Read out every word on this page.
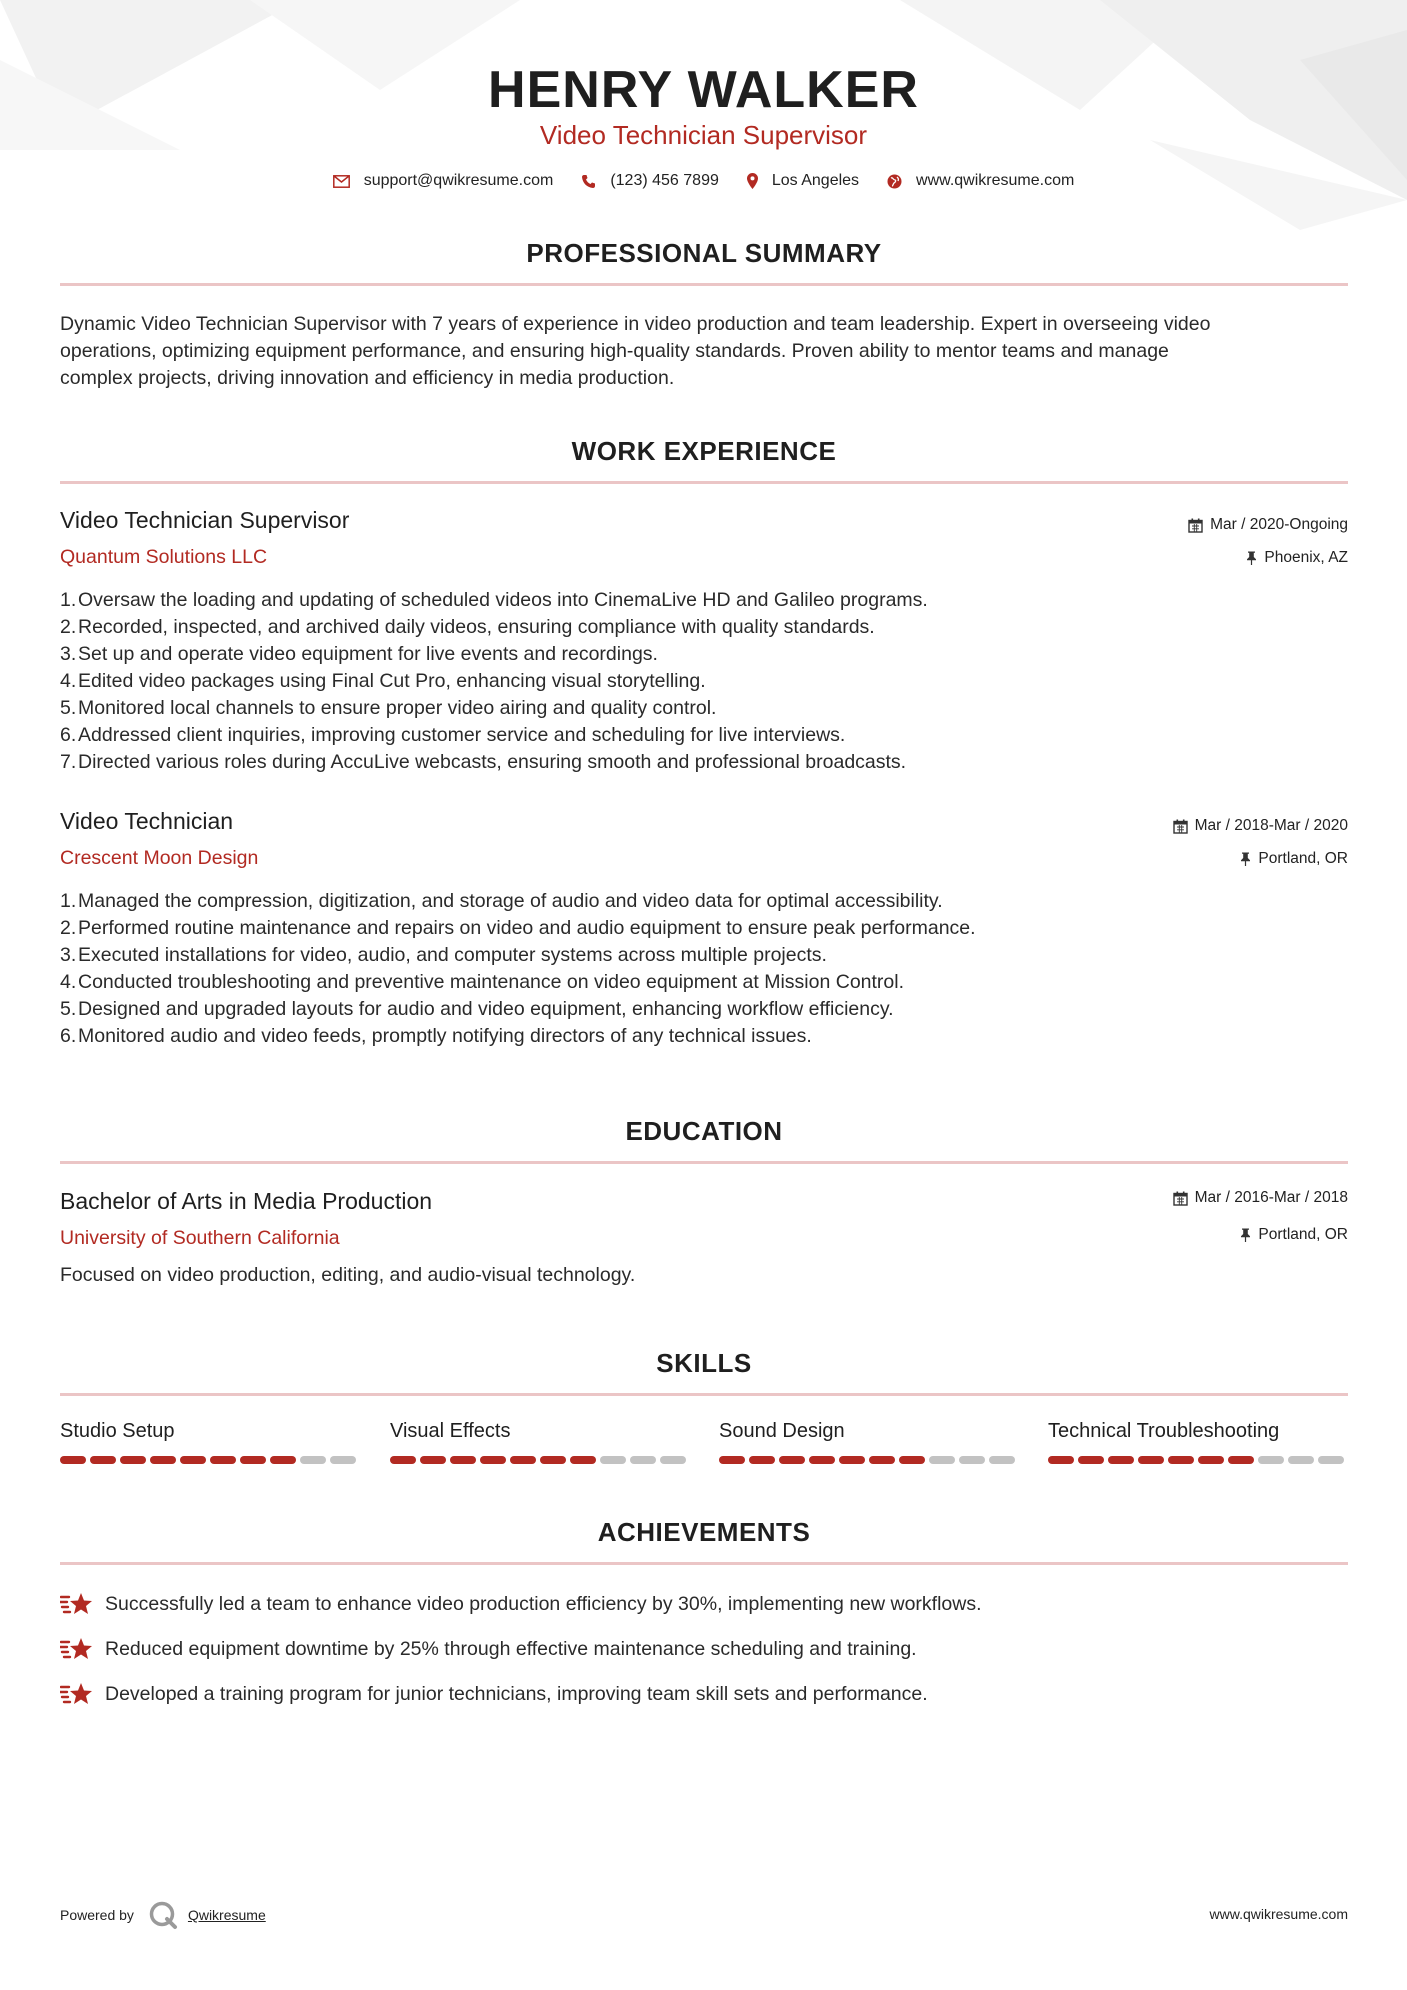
HENRY WALKER
Video Technician Supervisor
support@qwikresume.com	(123) 456 7899	Los Angeles	www.qwikresume.com
PROFESSIONAL SUMMARY
Dynamic Video Technician Supervisor with 7 years of experience in video production and team leadership. Expert in overseeing video
operations, optimizing equipment performance, and ensuring high-quality standards. Proven ability to mentor teams and manage
complex projects, driving innovation and efficiency in media production.
WORK EXPERIENCE
Video Technician Supervisor	Mar / 2020-Ongoing
Quantum Solutions LLC	Phoenix, AZ
1.Oversaw the loading and updating of scheduled videos into CinemaLive HD and Galileo programs.
2.Recorded, inspected, and archived daily videos, ensuring compliance with quality standards.
3.Set up and operate video equipment for live events and recordings.
4.Edited video packages using Final Cut Pro, enhancing visual storytelling.
5.Monitored local channels to ensure proper video airing and quality control.
6.Addressed client inquiries, improving customer service and scheduling for live interviews.
7.Directed various roles during AccuLive webcasts, ensuring smooth and professional broadcasts.
Video Technician	Mar / 2018-Mar / 2020
Crescent Moon Design	Portland, OR
1.Managed the compression, digitization, and storage of audio and video data for optimal accessibility.
2.Performed routine maintenance and repairs on video and audio equipment to ensure peak performance.
3.Executed installations for video, audio, and computer systems across multiple projects.
4.Conducted troubleshooting and preventive maintenance on video equipment at Mission Control.
5.Designed and upgraded layouts for audio and video equipment, enhancing workflow efficiency.
6.Monitored audio and video feeds, promptly notifying directors of any technical issues.
EDUCATION
Bachelor of Arts in Media Production	Mar / 2016-Mar / 2018
University of Southern California	Portland, OR
Focused on video production, editing, and audio-visual technology.
SKILLS
Studio Setup	Visual Effects	Sound Design	Technical Troubleshooting
ACHIEVEMENTS
Successfully led a team to enhance video production efficiency by 30%, implementing new workflows.
Reduced equipment downtime by 25% through effective maintenance scheduling and training.
Developed a training program for junior technicians, improving team skill sets and performance.
Powered by	Qwikresume	www.qwikresume.com
